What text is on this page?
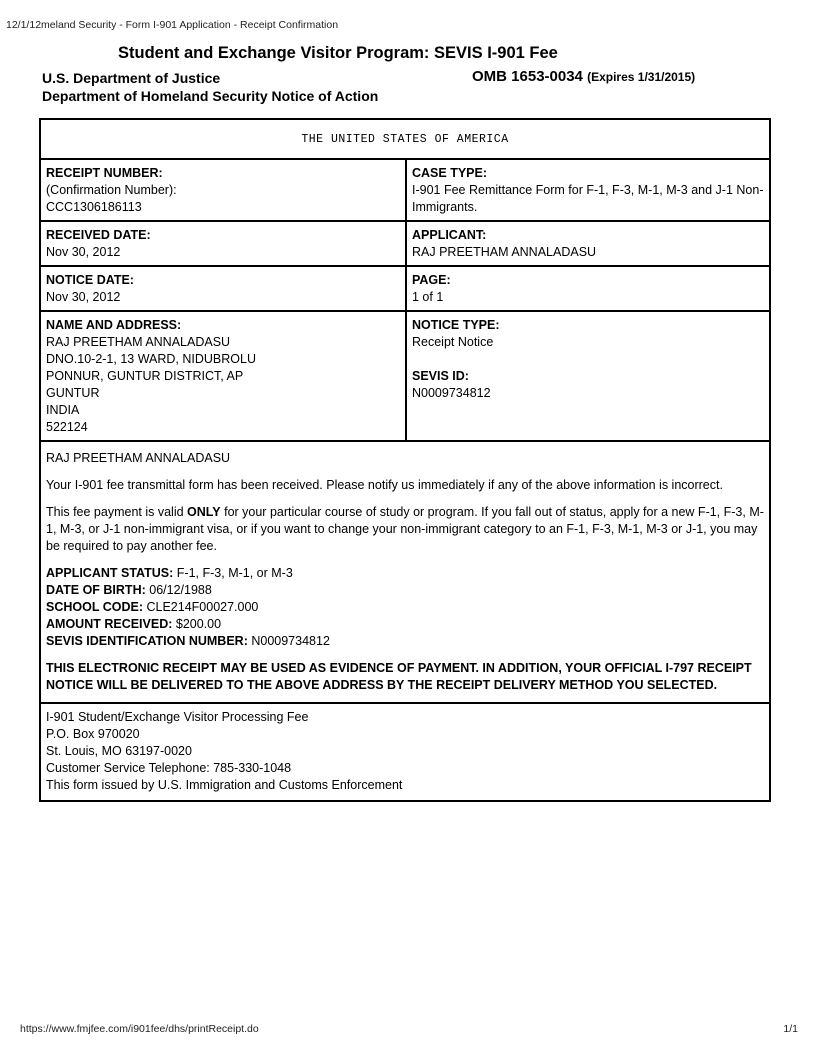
12/1/12meland Security - Form I-901 Application - Receipt Confirmation
Student and Exchange Visitor Program: SEVIS I-901 Fee
U.S. Department of Justice
Department of Homeland Security Notice of Action
OMB 1653-0034 (Expires 1/31/2015)
THE UNITED STATES OF AMERICA
RECEIPT NUMBER:
(Confirmation Number):
CCC1306186113
CASE TYPE:
I-901 Fee Remittance Form for F-1, F-3, M-1, M-3 and J-1 Non-Immigrants.
RECEIVED DATE:
Nov 30, 2012
APPLICANT:
RAJ PREETHAM ANNALADASU
NOTICE DATE:
Nov 30, 2012
PAGE:
1 of 1
NAME AND ADDRESS:
RAJ PREETHAM ANNALADASU
DNO.10-2-1, 13 WARD, NIDUBROLU
PONNUR, GUNTUR DISTRICT, AP
GUNTUR
INDIA
522124
NOTICE TYPE:
Receipt Notice
SEVIS ID:
N0009734812

RAJ PREETHAM ANNALADASU

Your I-901 fee transmittal form has been received. Please notify us immediately if any of the above information is incorrect.

This fee payment is valid ONLY for your particular course of study or program. If you fall out of status, apply for a new F-1, F-3, M-1, M-3, or J-1 non-immigrant visa, or if you want to change your non-immigrant category to an F-1, F-3, M-1, M-3 or J-1, you may be required to pay another fee.

APPLICANT STATUS: F-1, F-3, M-1, or M-3
DATE OF BIRTH: 06/12/1988
SCHOOL CODE: CLE214F00027.000
AMOUNT RECEIVED: $200.00
SEVIS IDENTIFICATION NUMBER: N0009734812

THIS ELECTRONIC RECEIPT MAY BE USED AS EVIDENCE OF PAYMENT. IN ADDITION, YOUR OFFICIAL I-797 RECEIPT NOTICE WILL BE DELIVERED TO THE ABOVE ADDRESS BY THE RECEIPT DELIVERY METHOD YOU SELECTED.

I-901 Student/Exchange Visitor Processing Fee
P.O. Box 970020
St. Louis, MO 63197-0020
Customer Service Telephone: 785-330-1048
This form issued by U.S. Immigration and Customs Enforcement
https://www.fmjfee.com/i901fee/dhs/printReceipt.do	1/1
